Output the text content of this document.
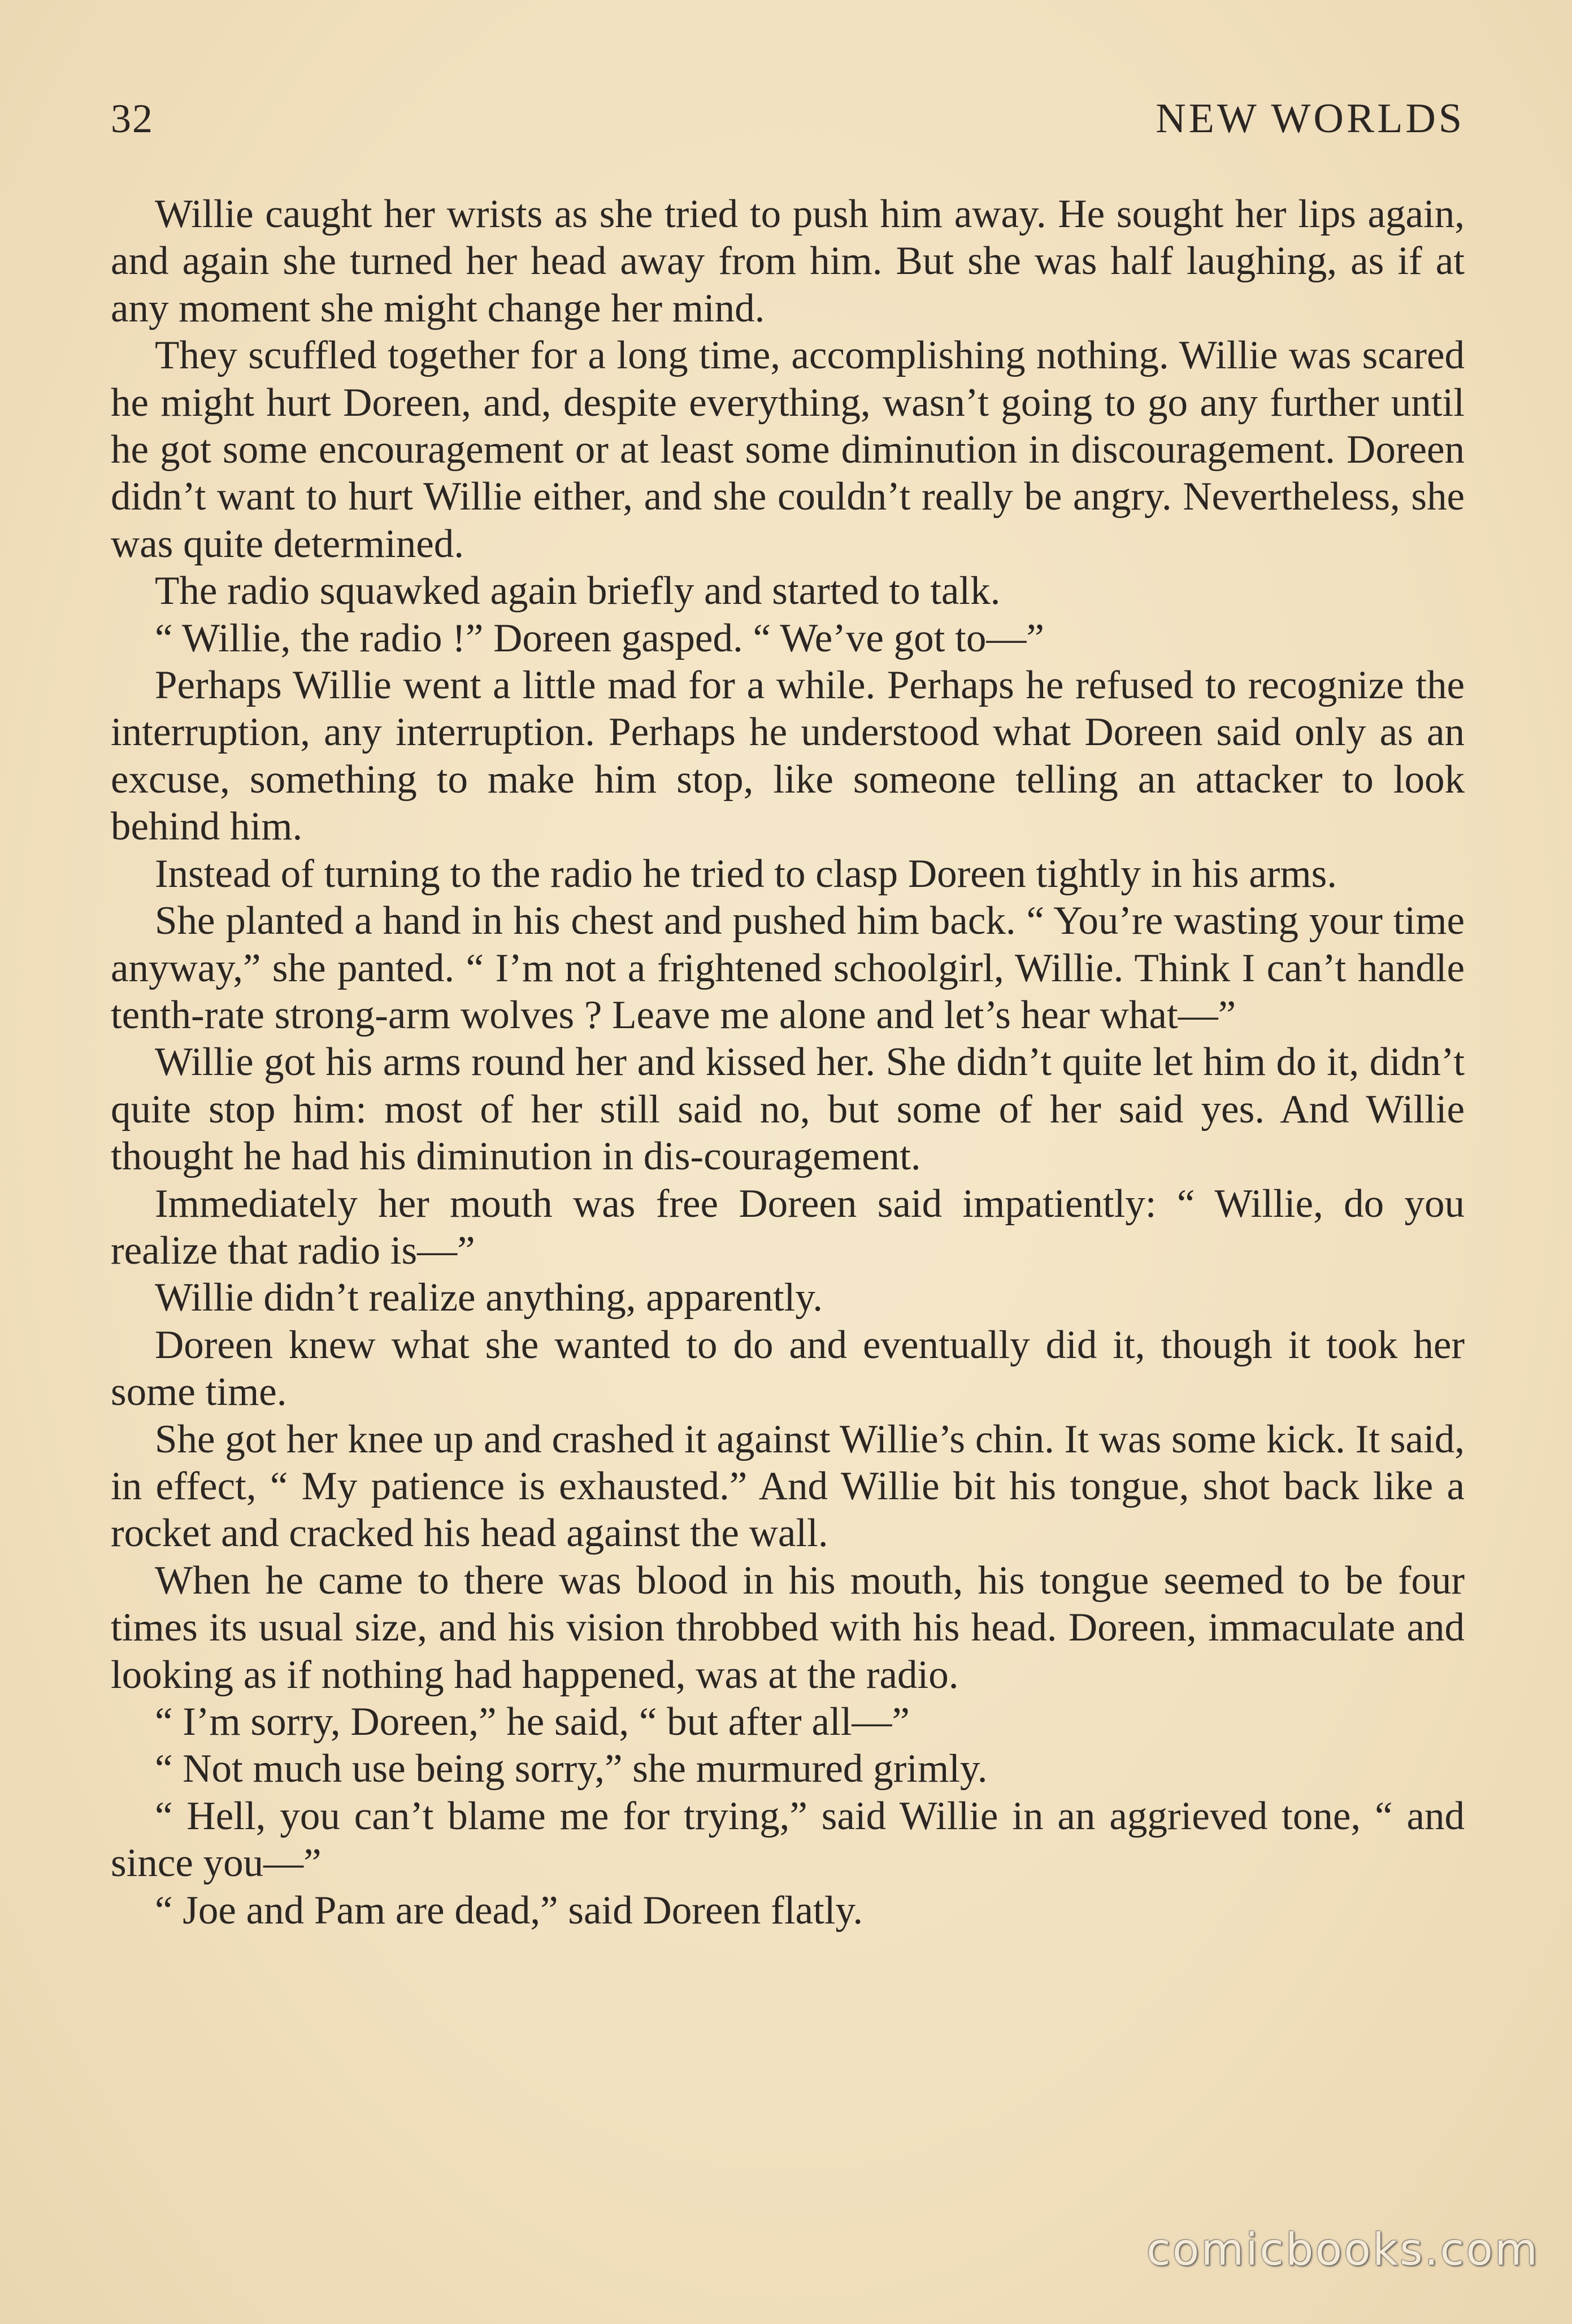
32	NEW WORLDS

Willie caught her wrists as she tried to push him away. He sought her lips again, and again she turned her head away from him. But she was half laughing, as if at any moment she might change her mind.

They scuffled together for a long time, accomplishing nothing. Willie was scared he might hurt Doreen, and, despite everything, wasn’t going to go any further until he got some encouragement or at least some diminution in discouragement. Doreen didn’t want to hurt Willie either, and she couldn’t really be angry. Nevertheless, she was quite determined.

The radio squawked again briefly and started to talk.

“ Willie, the radio !” Doreen gasped. “ We’ve got to—”

Perhaps Willie went a little mad for a while. Perhaps he refused to recognize the interruption, any interruption. Perhaps he understood what Doreen said only as an excuse, something to make him stop, like someone telling an attacker to look behind him.

Instead of turning to the radio he tried to clasp Doreen tightly in his arms.

She planted a hand in his chest and pushed him back. “ You’re wasting your time anyway,” she panted. “ I’m not a frightened schoolgirl, Willie. Think I can’t handle tenth-rate strong-arm wolves ? Leave me alone and let’s hear what—”

Willie got his arms round her and kissed her. She didn’t quite let him do it, didn’t quite stop him: most of her still said no, but some of her said yes. And Willie thought he had his diminution in dis-couragement.

Immediately her mouth was free Doreen said impatiently: “ Willie, do you realize that radio is—”

Willie didn’t realize anything, apparently.

Doreen knew what she wanted to do and eventually did it, though it took her some time.

She got her knee up and crashed it against Willie’s chin. It was some kick. It said, in effect, “ My patience is exhausted.” And Willie bit his tongue, shot back like a rocket and cracked his head against the wall.

When he came to there was blood in his mouth, his tongue seemed to be four times its usual size, and his vision throbbed with his head. Doreen, immaculate and looking as if nothing had happened, was at the radio.

“ I’m sorry, Doreen,” he said, “ but after all—”

“ Not much use being sorry,” she murmured grimly.

“ Hell, you can’t blame me for trying,” said Willie in an aggrieved tone, “ and since you—”

“ Joe and Pam are dead,” said Doreen flatly.

comicbooks.com
